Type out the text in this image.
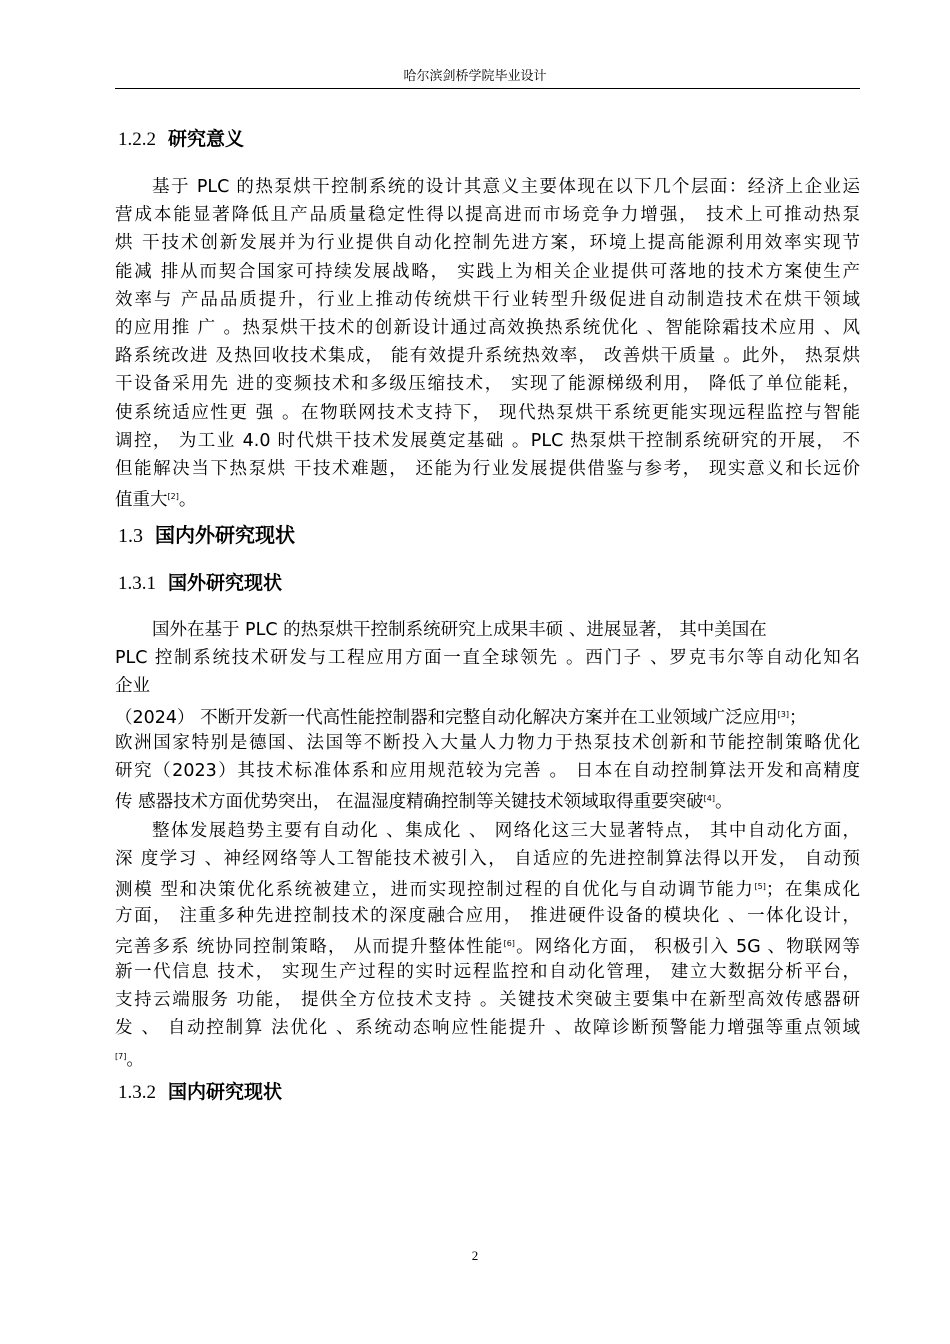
哈尔滨剑桥学院毕业设计
1.2.2 研究意义
基于 PLC 的热泵烘干控制系统的设计其意义主要体现在以下几个层面：经济上企业运
营成本能显著降低且产品质量稳定性得以提高进而市场竞争力增强， 技术上可推动热泵
烘 干技术创新发展并为行业提供自动化控制先进方案，环境上提高能源利用效率实现节
能减 排从而契合国家可持续发展战略， 实践上为相关企业提供可落地的技术方案使生产
效率与 产品品质提升，行业上推动传统烘干行业转型升级促进自动制造技术在烘干领域
的应用推 广 。热泵烘干技术的创新设计通过高效换热系统优化 、智能除霜技术应用 、风
路系统改进 及热回收技术集成， 能有效提升系统热效率， 改善烘干质量 。此外， 热泵烘
干设备采用先 进的变频技术和多级压缩技术， 实现了能源梯级利用， 降低了单位能耗，
使系统适应性更 强 。在物联网技术支持下， 现代热泵烘干系统更能实现远程监控与智能
调控， 为工业 4.0 时代烘干技术发展奠定基础 。PLC 热泵烘干控制系统研究的开展， 不
但能解决当下热泵烘 干技术难题， 还能为行业发展提供借鉴与参考， 现实意义和长远价
值重大[2]。
1.3 国内外研究现状
1.3.1 国外研究现状
国外在基于 PLC 的热泵烘干控制系统研究上成果丰硕 、进展显著， 其中美国在
PLC 控制系统技术研发与工程应用方面一直全球领先 。西门子 、罗克韦尔等自动化知名
企业
（2024） 不断开发新一代高性能控制器和完整自动化解决方案并在工业领域广泛应用[3]；
欧洲国家特别是德国、法国等不断投入大量人力物力于热泵技术创新和节能控制策略优化
研究（2023）其技术标准体系和应用规范较为完善 。 日本在自动控制算法开发和高精度
传 感器技术方面优势突出， 在温湿度精确控制等关键技术领域取得重要突破[4]。
整体发展趋势主要有自动化 、集成化 、 网络化这三大显著特点， 其中自动化方面，
深 度学习 、神经网络等人工智能技术被引入， 自适应的先进控制算法得以开发， 自动预
测模 型和决策优化系统被建立，进而实现控制过程的自优化与自动调节能力[5]；在集成化
方面， 注重多种先进控制技术的深度融合应用， 推进硬件设备的模块化 、一体化设计，
完善多系 统协同控制策略， 从而提升整体性能[6]。网络化方面， 积极引入 5G 、物联网等
新一代信息 技术， 实现生产过程的实时远程监控和自动化管理， 建立大数据分析平台，
支持云端服务 功能， 提供全方位技术支持 。关键技术突破主要集中在新型高效传感器研
发 、 自动控制算 法优化 、系统动态响应性能提升 、故障诊断预警能力增强等重点领域
[7]。
1.3.2 国内研究现状
2
